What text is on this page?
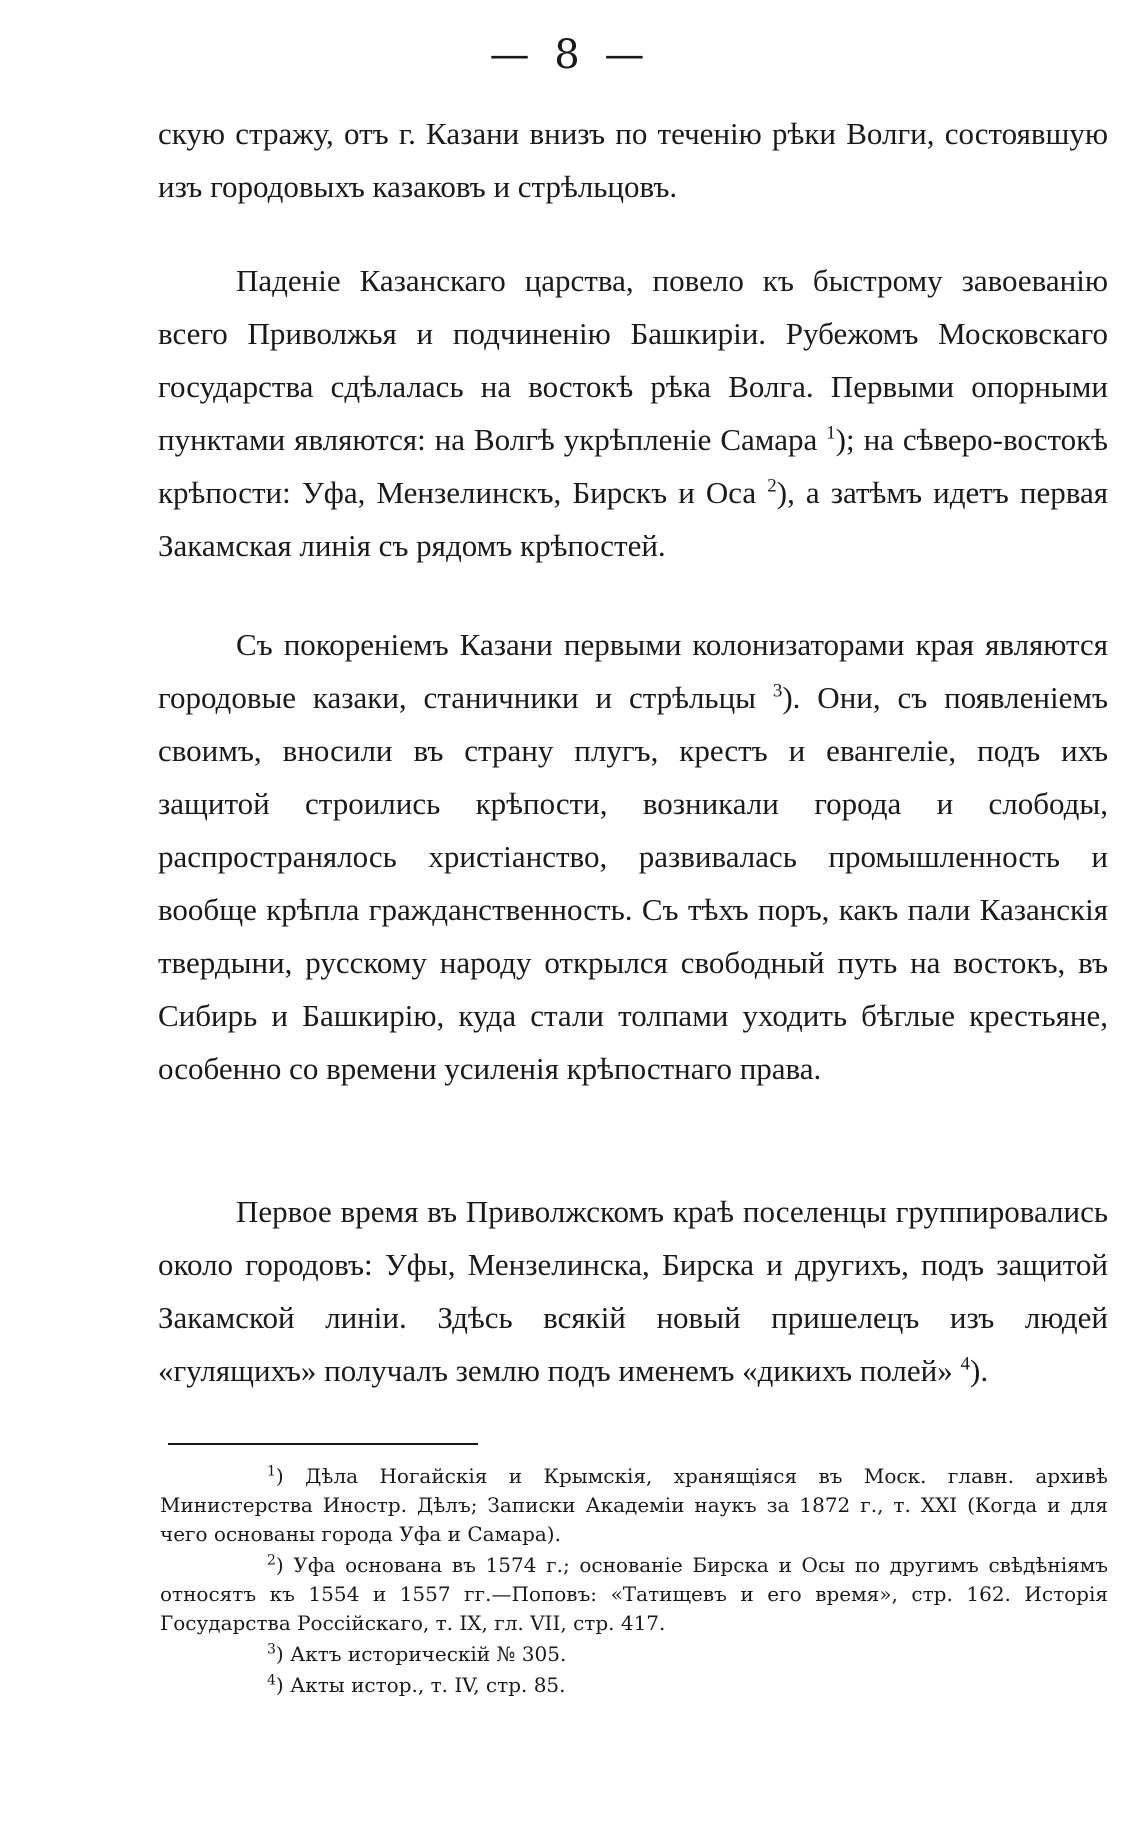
— 8 —

скую стражу, отъ г. Казани внизъ по теченію рѣки Волги, состоявшую изъ городовыхъ казаковъ и стрѣльцовъ.

Паденіе Казанскаго царства, повело къ быстрому завоеванію всего Приволжья и подчиненію Башкиріи. Рубежомъ Московскаго государства сдѣлалась на востокѣ рѣка Волга. Первыми опорными пунктами являются: на Волгѣ укрѣпленіе Самара $^1$); на сѣверо-востокѣ крѣпости: Уфа, Мензелинскъ, Бирскъ и Оса $^2$), а затѣмъ идетъ первая Закамская линія съ рядомъ крѣпостей.

Съ покореніемъ Казани первыми колонизаторами края являются городовые казаки, станичники и стрѣльцы $^3$). Они, съ появленіемъ своимъ, вносили въ страну плугъ, крестъ и евангеліе, подъ ихъ защитой строились крѣпости, возникали города и слободы, распространялось христіанство, развивалась промышленность и вообще крѣпла гражданственность. Съ тѣхъ поръ, какъ пали Казанскія твердыни, русскому народу открылся свободный путь на востокъ, въ Сибирь и Башкирію, куда стали толпами уходить бѣглые крестьяне, особенно со времени усиленія крѣпостнаго права.

Первое время въ Приволжскомъ краѣ поселенцы группировались около городовъ: Уфы, Мензелинска, Бирска и другихъ, подъ защитой Закамской линіи. Здѣсь всякій новый пришелецъ изъ людей «гулящихъ» получалъ землю подъ именемъ «дикихъ полей» $^4$).

$^1$) Дѣла Ногайскія и Крымскія, хранящіяся въ Моск. главн. архивѣ Министерства Иностр. Дѣлъ; Записки Академіи наукъ за 1872 г., т. XXI (Когда и для чего основаны города Уфа и Самара).

$^2$) Уфа основана въ 1574 г.; основаніе Бирска и Осы по другимъ свѣдѣніямъ относятъ къ 1554 и 1557 гг.—Поповъ: «Татищевъ и его время», стр. 162. Исторія Государства Россійскаго, т. IX, гл. VII, стр. 417.

$^3$) Актъ историческій № 305.

$^4$) Акты истор., т. IV, стр. 85.
